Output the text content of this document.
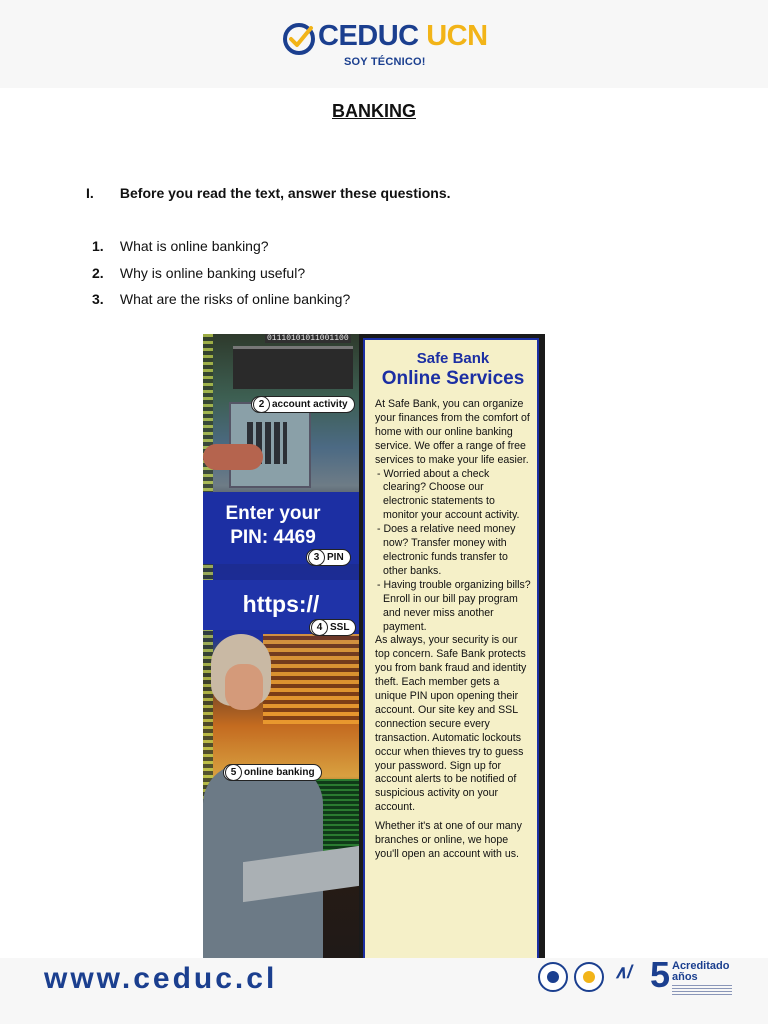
CEDUC UCN
SOY TÉCNICO!
BANKING
I. Before you read the text, answer these questions.
1. What is online banking?
2. Why is online banking useful?
3. What are the risks of online banking?
01110101011001100
Enter your
PIN: 4469
https://
2 account activity
3 PIN
4 SSL
5 online banking
Safe Bank
Online Services
At Safe Bank, you can organize your finances from the comfort of home with our online banking service. We offer a range of free services to make your life easier.
- Worried about a check clearing? Choose our electronic statements to monitor your account activity.
- Does a relative need money now? Transfer money with electronic funds transfer to other banks.
- Having trouble organizing bills? Enroll in our bill pay program and never miss another payment.
As always, your security is our top concern. Safe Bank protects you from bank fraud and identity theft. Each member gets a unique PIN upon opening their account. Our site key and SSL connection secure every transaction. Automatic lockouts occur when thieves try to guess your password. Sign up for account alerts to be notified of suspicious activity on your account.
Whether it's at one of our many branches or online, we hope you'll open an account with us.
www.ceduc.cl	∧/ 5 Acreditado
años
